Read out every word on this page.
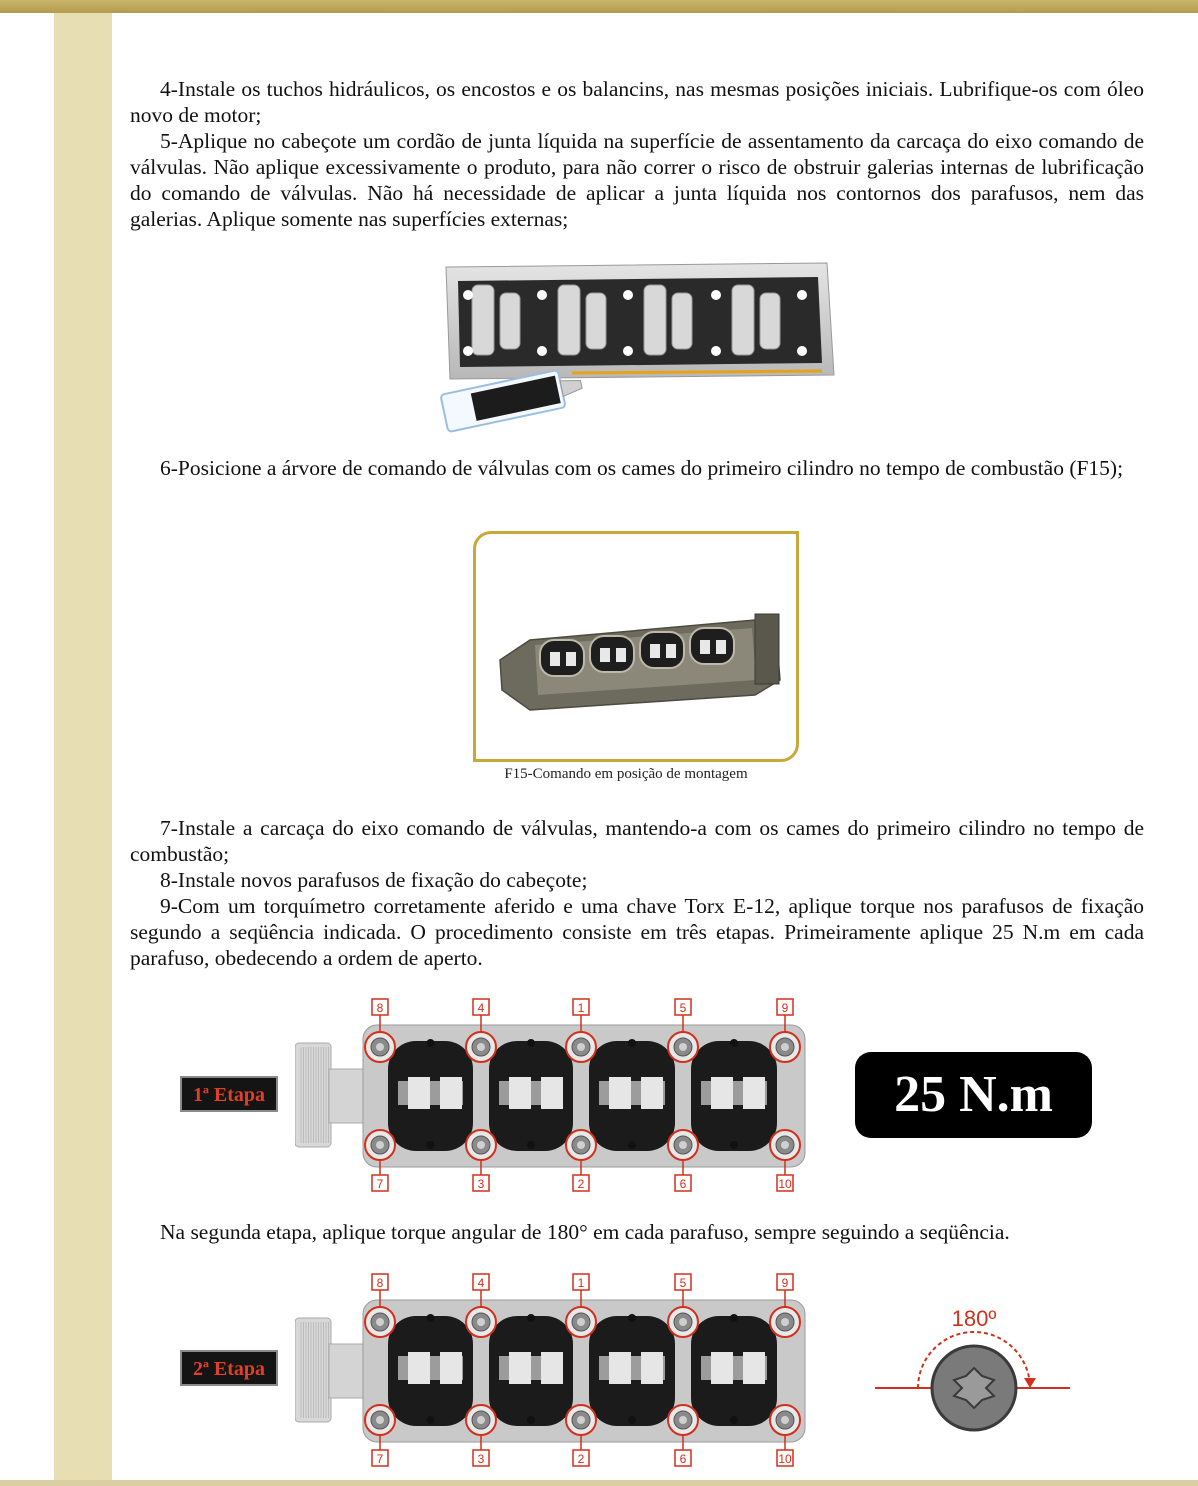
4-Instale os tuchos hidráulicos, os encostos e os balancins, nas mesmas posições iniciais. Lubrifique-os com óleo novo de motor;

5-Aplique no cabeçote um cordão de junta líquida na superfície de assentamento da carcaça do eixo comando de válvulas. Não aplique excessivamente o produto, para não correr o risco de obstruir galerias internas de lubrificação do comando de válvulas. Não há necessidade de aplicar a junta líquida nos contornos dos parafusos, nem das galerias. Aplique somente nas superfícies externas;

6-Posicione a árvore de comando de válvulas com os cames do primeiro cilindro no tempo de combustão (F15);

F15-Comando em posição de montagem

7-Instale a carcaça do eixo comando de válvulas, mantendo-a com os cames do primeiro cilindro no tempo de combustão;

8-Instale novos parafusos de fixação do cabeçote;

9-Com um torquímetro corretamente aferido e uma chave Torx E-12, aplique torque nos parafusos de fixação segundo a seqüência indicada. O procedimento consiste em três etapas. Primeiramente aplique 25 N.m em cada parafuso, obedecendo a ordem de aperto.

1ª Etapa
8
7
4
3
1
2
5
6
9
10
25 N.m

Na segunda etapa, aplique torque angular de 180° em cada parafuso, sempre seguindo a seqüência.

2ª Etapa
8
7
4
3
1
2
5
6
9
10
180º
